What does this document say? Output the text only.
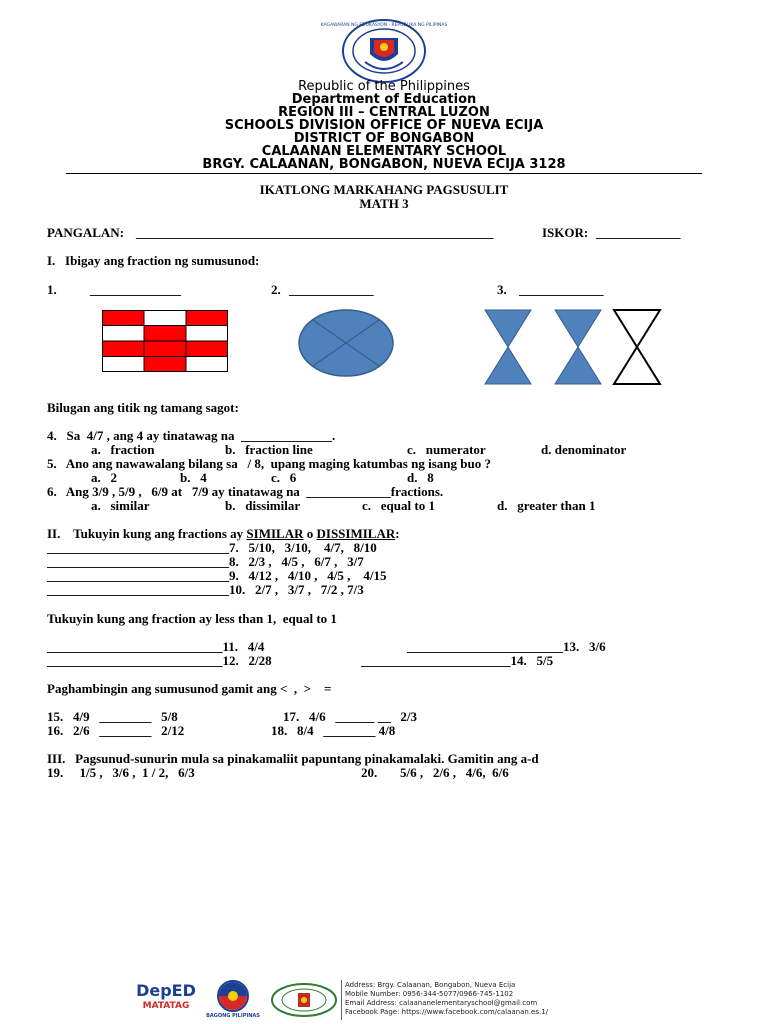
KAGAWARAN NG EDUKASYON · REPUBLIKA NG PILIPINAS
Republic of the Philippines
Department of Education
REGION III – CENTRAL LUZON
SCHOOLS DIVISION OFFICE OF NUEVA ECIJA
DISTRICT OF BONGABON
CALAANAN ELEMENTARY SCHOOL
BRGY. CALAANAN, BONGABON, NUEVA ECIJA 3128
IKATLONG MARKAHANG PAGSUSULIT
MATH 3
PANGALAN: _______________________________________________________	ISKOR: _____________
I.   Ibigay ang fraction ng sumusunod:
1.	______________	2. _____________	3. _____________
Bilugan ang titik ng tamang sagot:
4.   Sa  4/7 , ang 4 ay tinatawag na  ______________.
a.   fraction	b.   fraction line	c.   numerator	d. denominator
5.   Ano ang nawawalang bilang sa   / 8,  upang maging katumbas ng isang buo ?
a.   2	b.   4	c.   6	d.   8
6.   Ang 3/9 , 5/9 ,   6/9 at   7/9 ay tinatawag na  _____________fractions.
a.   similar	b.   dissimilar	c.   equal to 1	d.   greater than 1
II.    Tukuyin kung ang fractions ay SIMILAR o DISSIMILAR:
____________________________7.   5/10,   3/10,    4/7,   8/10
____________________________8.   2/3 ,   4/5 ,   6/7 ,   3/7
____________________________9.   4/12 ,   4/10 ,   4/5 ,    4/15
____________________________10.   2/7 ,   3/7 ,   7/2 , 7/3
Tukuyin kung ang fraction ay less than 1,  equal to 1
___________________________11.   4/4
___________________________12.   2/28
________________________13.   3/6
_______________________14.   5/5
Paghambingin ang sumusunod gamit ang <  ,  >    =
15.   4/9   ________   5/8
16.   2/6   ________   2/12
17.   4/6   ______ __   2/3
18.   8/4   ________ 4/8
III.   Pagsunud-sunurin mula sa pinakamaliit papuntang pinakamalaki. Gamitin ang a-d
19.     1/5 ,   3/6 ,  1 / 2,   6/3	20.       5/6 ,   2/6 ,   4/6,  6/6
DepED
MATATAG
BAGONG PILIPINAS
Address: Brgy. Calaanan, Bongabon, Nueva Ecija
Mobile Number: 0956-344-5077/0966-745-1102
Email Address: calaananelementaryschool@gmail.com
Facebook Page: https://www.facebook.com/calaanan.es.1/
